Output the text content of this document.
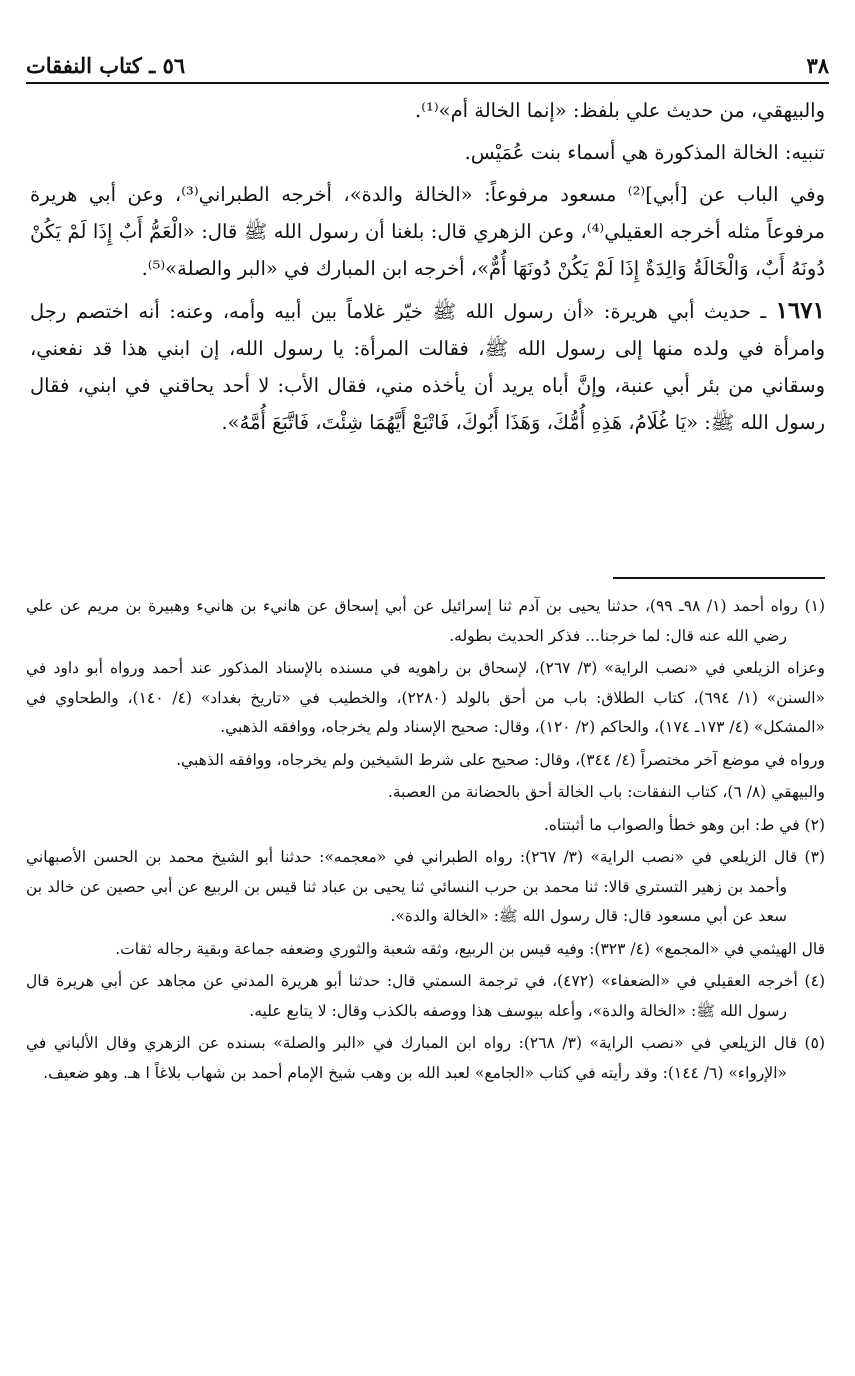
٣٨
٥٦ ـ كتاب النفقات

والبيهقي، من حديث علي بلفظ: «إنما الخالة أم»⁽¹⁾.

تنبيه: الخالة المذكورة هي أسماء بنت عُمَيْس.

وفي الباب عن [أبي]⁽²⁾ مسعود مرفوعاً: «الخالة والدة»، أخرجه الطبراني⁽³⁾، وعن أبي هريرة مرفوعاً مثله أخرجه العقيلي⁽⁴⁾، وعن الزهري قال: بلغنا أن رسول الله ﷺ قال: «الْعَمُّ أَبٌ إِذَا لَمْ يَكُنْ دُونَهُ أَبٌ، وَالْخَالَةُ وَالِدَةٌ إِذَا لَمْ يَكُنْ دُونَهَا أُمٌّ»، أخرجه ابن المبارك في «البر والصلة»⁽⁵⁾.

١٦٧١ ـ حديث أبي هريرة: «أن رسول الله ﷺ خيّر غلاماً بين أبيه وأمه، وعنه: أنه اختصم رجل وامرأة في ولده منها إلى رسول الله ﷺ، فقالت المرأة: يا رسول الله، إن ابني هذا قد نفعني، وسقاني من بئر أبي عنبة، وإنَّ أباه يريد أن يأخذه مني، فقال الأب: لا أحد يحاقني في ابني، فقال رسول الله ﷺ: «يَا غُلَامُ، هَذِهِ أُمُّكَ، وَهَذَا أَبُوكَ، فَاتْبَعْ أَيَّهُمَا شِئْتَ، فَاتَّبَعَ أُمَّهُ».

(١) رواه أحمد (١/ ٩٨ـ ٩٩)، حدثنا يحيى بن آدم ثنا إسرائيل عن أبي إسحاق عن هانيء بن هانيء وهبيرة بن مريم عن علي رضي الله عنه قال: لما خرجنا... فذكر الحديث بطوله.

وعزاه الزيلعي في «نصب الراية» (٣/ ٢٦٧)، لإسحاق بن راهويه في مسنده بالإسناد المذكور عند أحمد ورواه أبو داود في «السنن» (١/ ٦٩٤)، كتاب الطلاق: باب من أحق بالولد (٢٢٨٠)، والخطيب في «تاريخ بغداد» (٤/ ١٤٠)، والطحاوي في «المشكل» (٤/ ١٧٣ـ ١٧٤)، والحاكم (٢/ ١٢٠)، وقال: صحيح الإسناد ولم يخرجاه، ووافقه الذهبي.

ورواه في موضع آخر مختصراً (٤/ ٣٤٤)، وقال: صحيح على شرط الشيخين ولم يخرجاه، ووافقه الذهبي.

والبيهقي (٨/ ٦)، كتاب النفقات: باب الخالة أحق بالحضانة من العصبة.

(٢) في ط: ابن وهو خطأ والصواب ما أثبتناه.

(٣) قال الزيلعي في «نصب الراية» (٣/ ٢٦٧): رواه الطبراني في «معجمه»: حدثنا أبو الشيخ محمد بن الحسن الأصبهاني وأحمد بن زهير التستري قالا: ثنا محمد بن حرب النسائي ثنا يحيى بن عباد ثنا قيس بن الربيع عن أبي حصين عن خالد بن سعد عن أبي مسعود قال: قال رسول الله ﷺ: «الخالة والدة».

قال الهيثمي في «المجمع» (٤/ ٣٢٣): وفيه قيس بن الربيع، وثقه شعبة والثوري وضعفه جماعة وبقية رجاله ثقات.

(٤) أخرجه العقيلي في «الضعفاء» (٤٧٢)، في ترجمة السمتي قال: حدثنا أبو هريرة المدني عن مجاهد عن أبي هريرة قال رسول الله ﷺ: «الخالة والدة»، وأعله بيوسف هذا ووصفه بالكذب وقال: لا يتابع عليه.

(٥) قال الزيلعي في «نصب الراية» (٣/ ٢٦٨): رواه ابن المبارك في «البر والصلة» بسنده عن الزهري وقال الألباني في «الإرواء» (٦/ ١٤٤): وقد رأيته في كتاب «الجامع» لعبد الله بن وهب شيخ الإمام أحمد بن شهاب بلاغاً ا هـ. وهو ضعيف.
